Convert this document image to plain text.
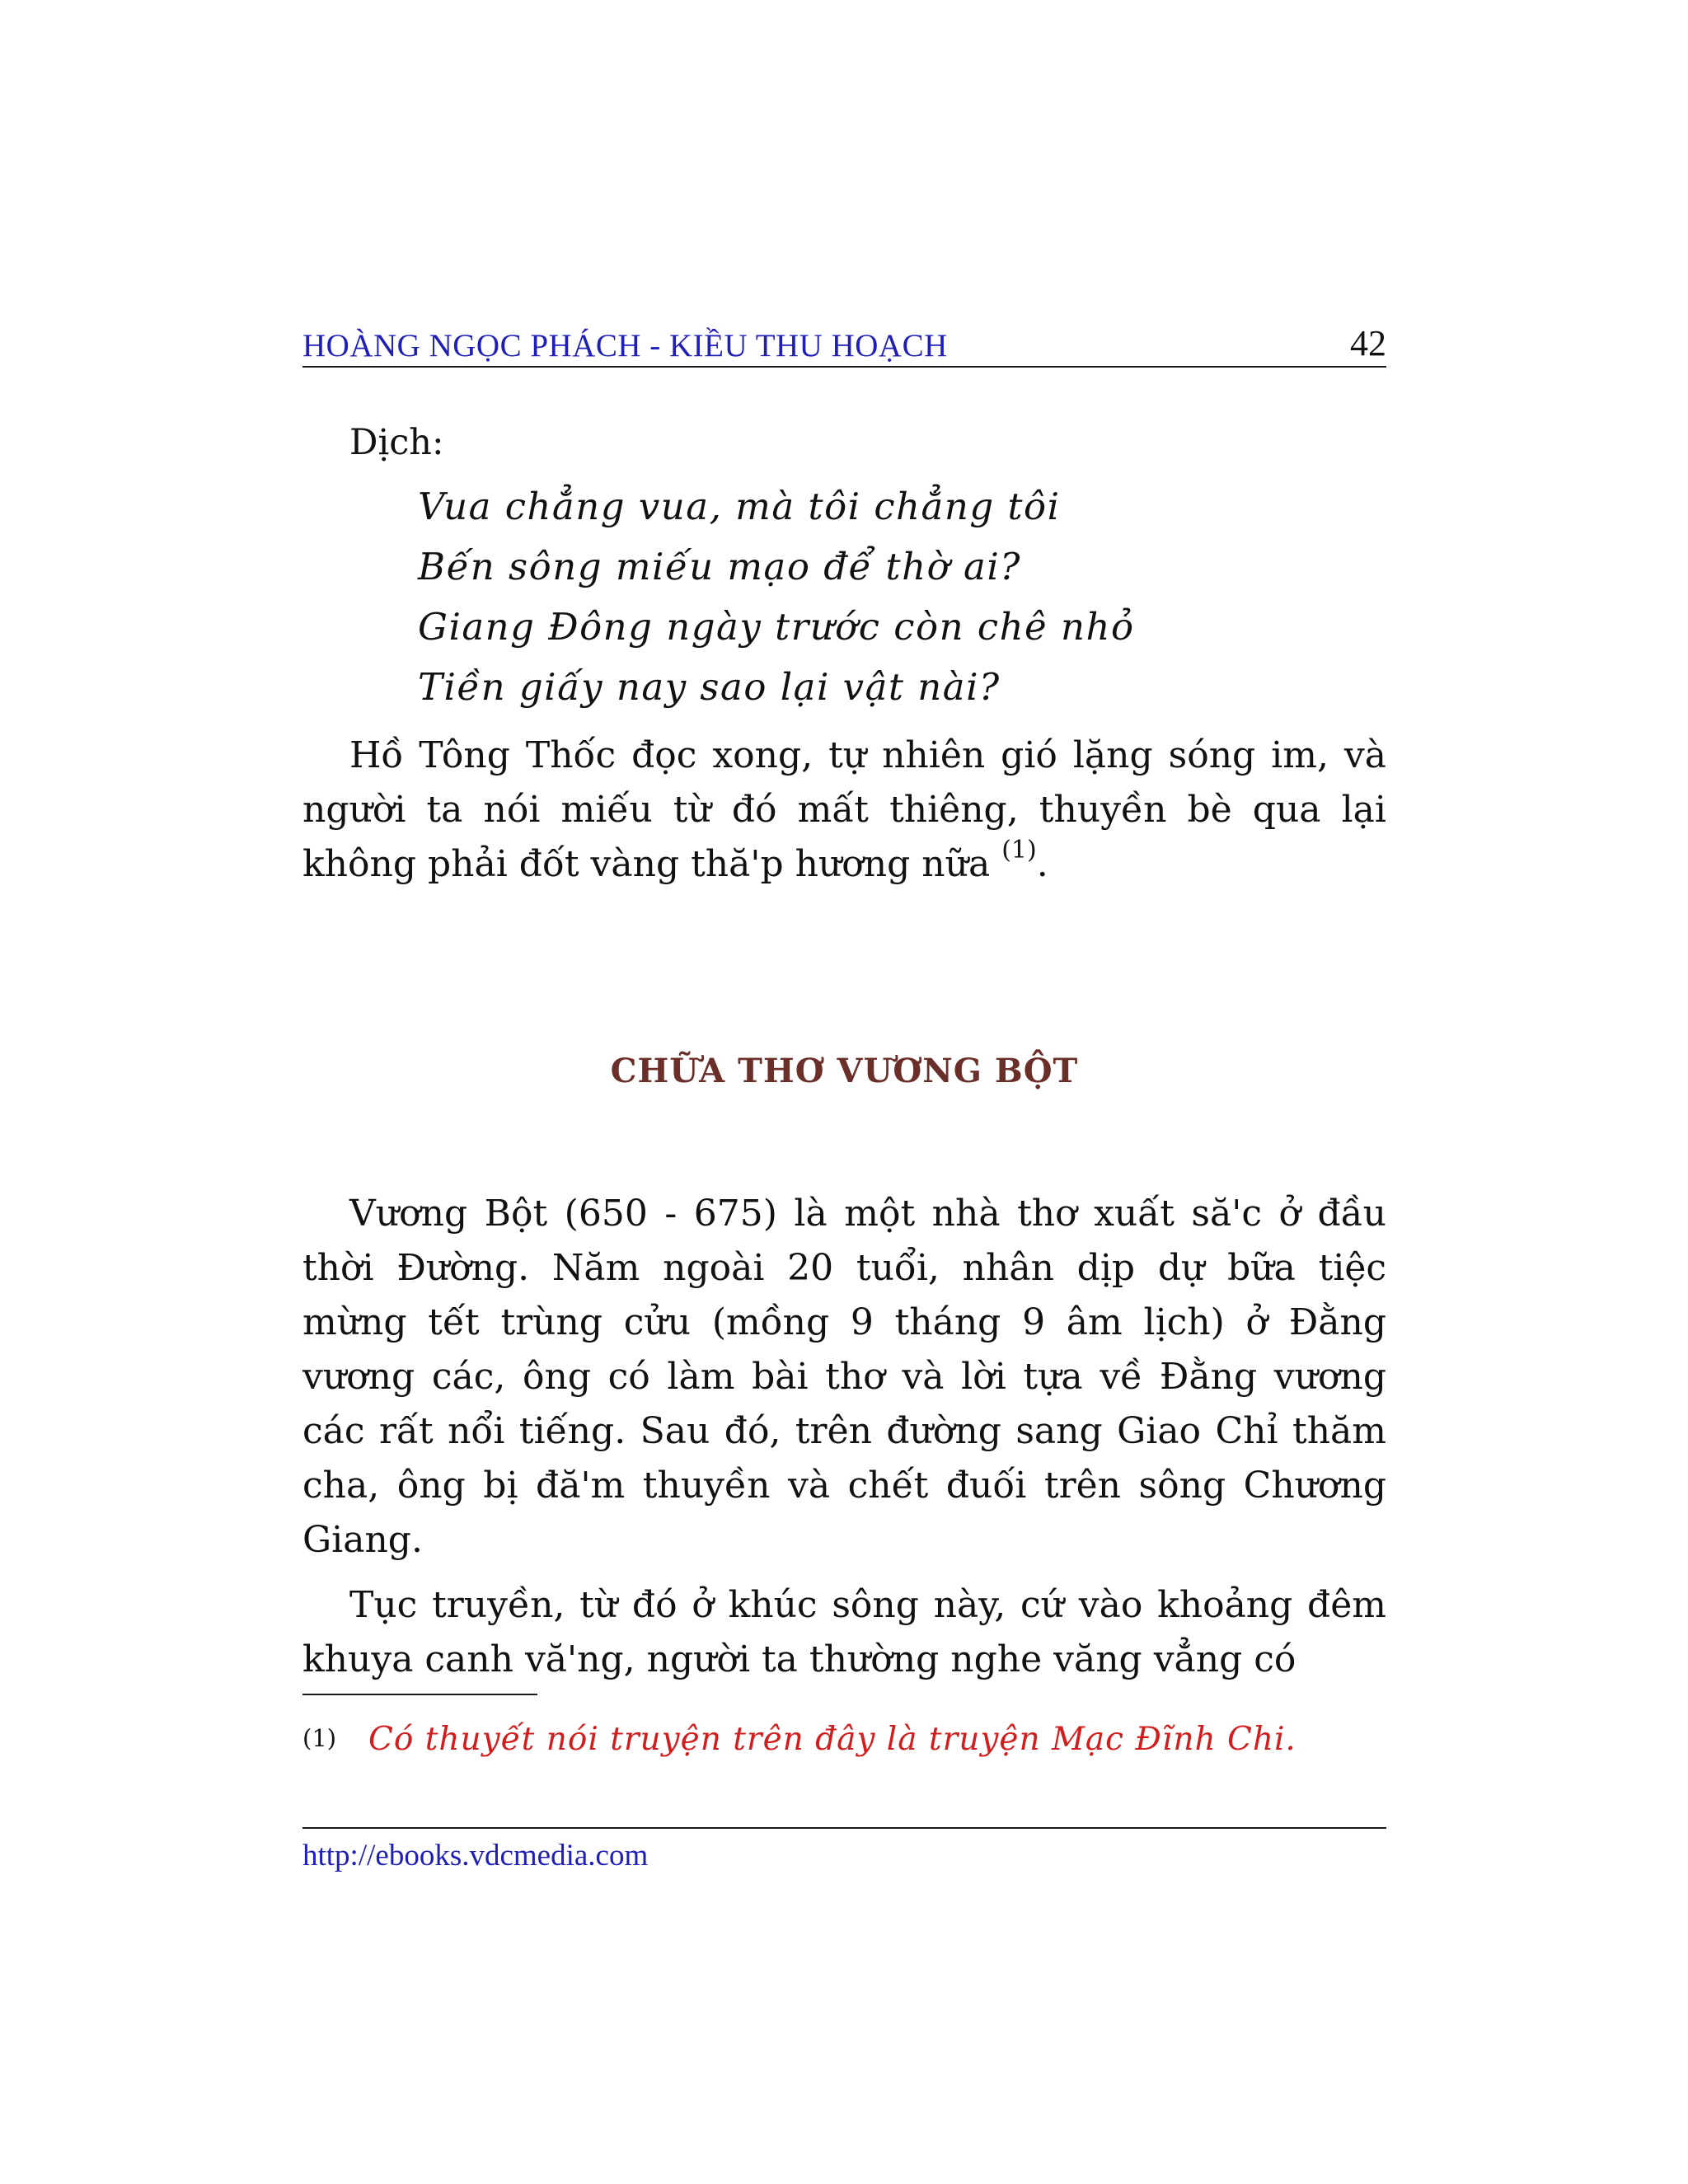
HOÀNG NGỌC PHÁCH - KIỀU THU HOẠCH	42
Dịch:
Vua chẳng vua, mà tôi chẳng tôi
Bến sông miếu mạo để thờ ai?
Giang Đông ngày trước còn chê nhỏ
Tiền giấy nay sao lại vật nài?
Hồ Tông Thốc đọc xong, tự nhiên gió lặng sóng im, và người ta nói miếu từ đó mất thiêng, thuyền bè qua lại không phải đốt vàng thă'p hương nữa $^{(1)}$.
CHỮA THƠ VƯƠNG BỘT
Vương Bột (650 - 675) là một nhà thơ xuất să'c ở đầu thời Đường. Năm ngoài 20 tuổi, nhân dịp dự bữa tiệc mừng tết trùng cửu (mồng 9 tháng 9 âm lịch) ở Đằng vương các, ông có làm bài thơ và lời tựa về Đằng vương các rất nổi tiếng. Sau đó, trên đường sang Giao Chỉ thăm cha, ông bị đă'm thuyền và chết đuối trên sông Chương Giang.
Tục truyền, từ đó ở khúc sông này, cứ vào khoảng đêm khuya canh vă'ng, người ta thường nghe văng vẳng có
(1) Có thuyết nói truyện trên đây là truyện Mạc Đĩnh Chi.
http://ebooks.vdcmedia.com
